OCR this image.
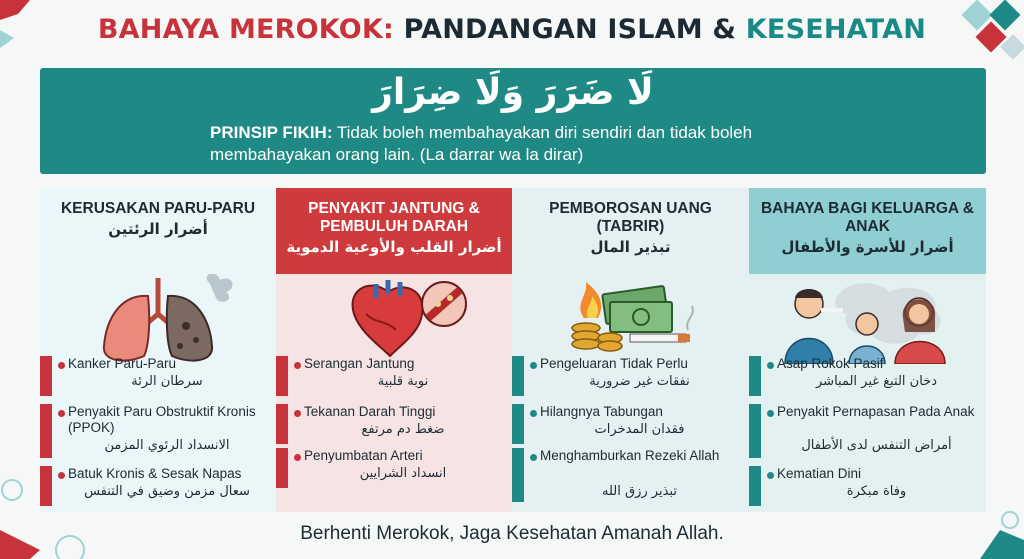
BAHAYA MEROKOK: PANDANGAN ISLAM & KESEHATAN
لَا ضَرَرَ وَلَا ضِرَارَ
PRINSIP FIKIH: Tidak boleh membahayakan diri sendiri dan tidak boleh membahayakan orang lain. (La darrar wa la dirar)
KERUSAKAN PARU-PARU
أضرار الرئتين
Kanker Paru-Paru
سرطان الرئة
Penyakit Paru Obstruktif Kronis (PPOK)
الانسداد الرئوي المزمن
Batuk Kronis & Sesak Napas
سعال مزمن وضيق في التنفس
PENYAKIT JANTUNG & PEMBULUH DARAH
أضرار القلب والأوعية الدموية
Serangan Jantung
نوبة قلبية
Tekanan Darah Tinggi
ضغط دم مرتفع
Penyumbatan Arteri
انسداد الشرايين
PEMBOROSAN UANG (TABRIR)
تبذير المال
Pengeluaran Tidak Perlu
نفقات غير ضرورية
Hilangnya Tabungan
فقدان المدخرات
Menghamburkan Rezeki Allah
تبذير رزق الله
BAHAYA BAGI KELUARGA & ANAK
أضرار للأسرة والأطفال
Asap Rokok Pasif
دخان التبغ غير المباشر
Penyakit Pernapasan Pada Anak
أمراض التنفس لدى الأطفال
Kematian Dini
وفاة مبكرة
Berhenti Merokok, Jaga Kesehatan Amanah Allah.
